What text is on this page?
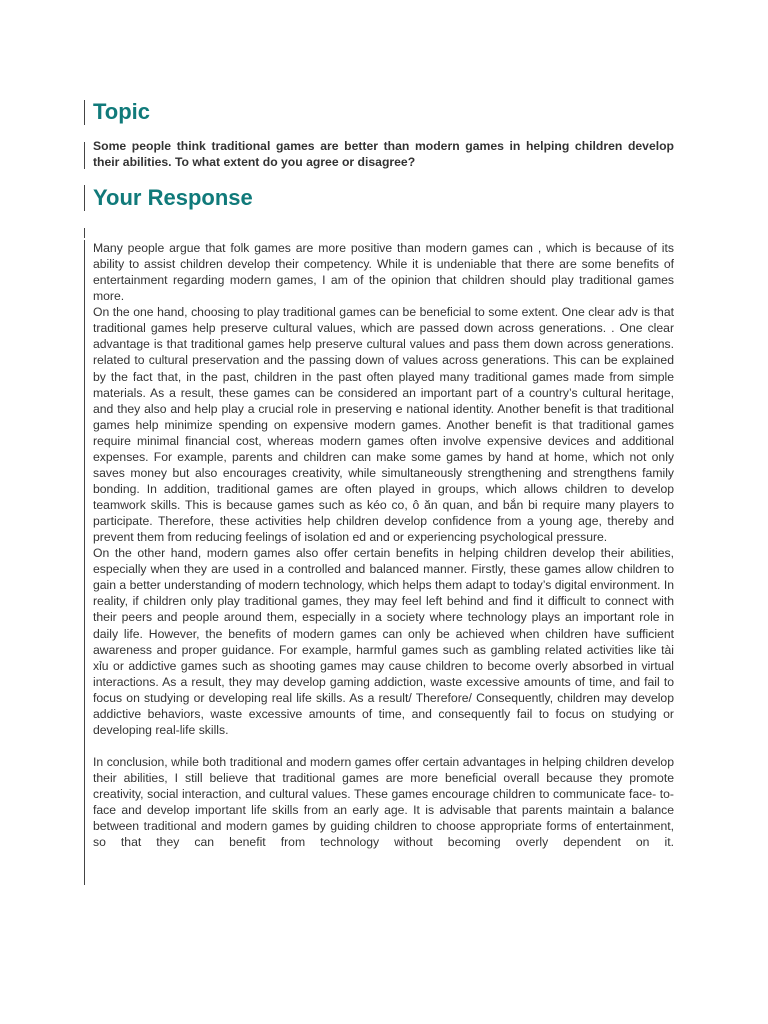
Topic

Some people think traditional games are better than modern games in helping children develop their abilities. To what extent do you agree or disagree?

Your Response

Many people argue that folk games are more positive than modern games can , which is because of its ability to assist children develop their competency. While it is undeniable that there are some benefits of entertainment regarding modern games, I am of the opinion that children should play traditional games more.

On the one hand, choosing to play traditional games can be beneficial to some extent. One clear adv is that traditional games help preserve cultural values, which are passed down across generations. . One clear advantage is that traditional games help preserve cultural values and pass them down across generations. related to cultural preservation and the passing down of values across generations. This can be explained by the fact that, in the past, children in the past often played many traditional games made from simple materials. As a result, these games can be considered an important part of a country’s cultural heritage, and they also and help play a crucial role in preserving e national identity. Another benefit is that traditional games help minimize spending on expensive modern games. Another benefit is that traditional games require minimal financial cost, whereas modern games often involve expensive devices and additional expenses. For example, parents and children can make some games by hand at home, which not only saves money but also encourages creativity, while simultaneously strengthening and strengthens family bonding. In addition, traditional games are often played in groups, which allows children to develop teamwork skills. This is because games such as kéo co, ô ăn quan, and bắn bi require many players to participate. Therefore, these activities help children develop confidence from a young age, thereby and prevent them from reducing feelings of isolation ed and or experiencing psychological pressure.

On the other hand, modern games also offer certain benefits in helping children develop their abilities, especially when they are used in a controlled and balanced manner. Firstly, these games allow children to gain a better understanding of modern technology, which helps them adapt to today’s digital environment. In reality, if children only play traditional games, they may feel left behind and find it difficult to connect with their peers and people around them, especially in a society where technology plays an important role in daily life. However, the benefits of modern games can only be achieved when children have sufficient awareness and proper guidance. For example, harmful games such as gambling related activities like tài xỉu or addictive games such as shooting games may cause children to become overly absorbed in virtual interactions. As a result, they may develop gaming addiction, waste excessive amounts of time, and fail to focus on studying or developing real life skills. As a result/ Therefore/ Consequently, children may develop addictive behaviors, waste excessive amounts of time, and consequently fail to focus on studying or developing real-life skills.

In conclusion, while both traditional and modern games offer certain advantages in helping children develop their abilities, I still believe that traditional games are more beneficial overall because they promote creativity, social interaction, and cultural values. These games encourage children to communicate face- to- face and develop important life skills from an early age. It is advisable that parents maintain a balance between traditional and modern games by guiding children to choose appropriate forms of entertainment, so that they can benefit from technology without becoming overly dependent on it.
